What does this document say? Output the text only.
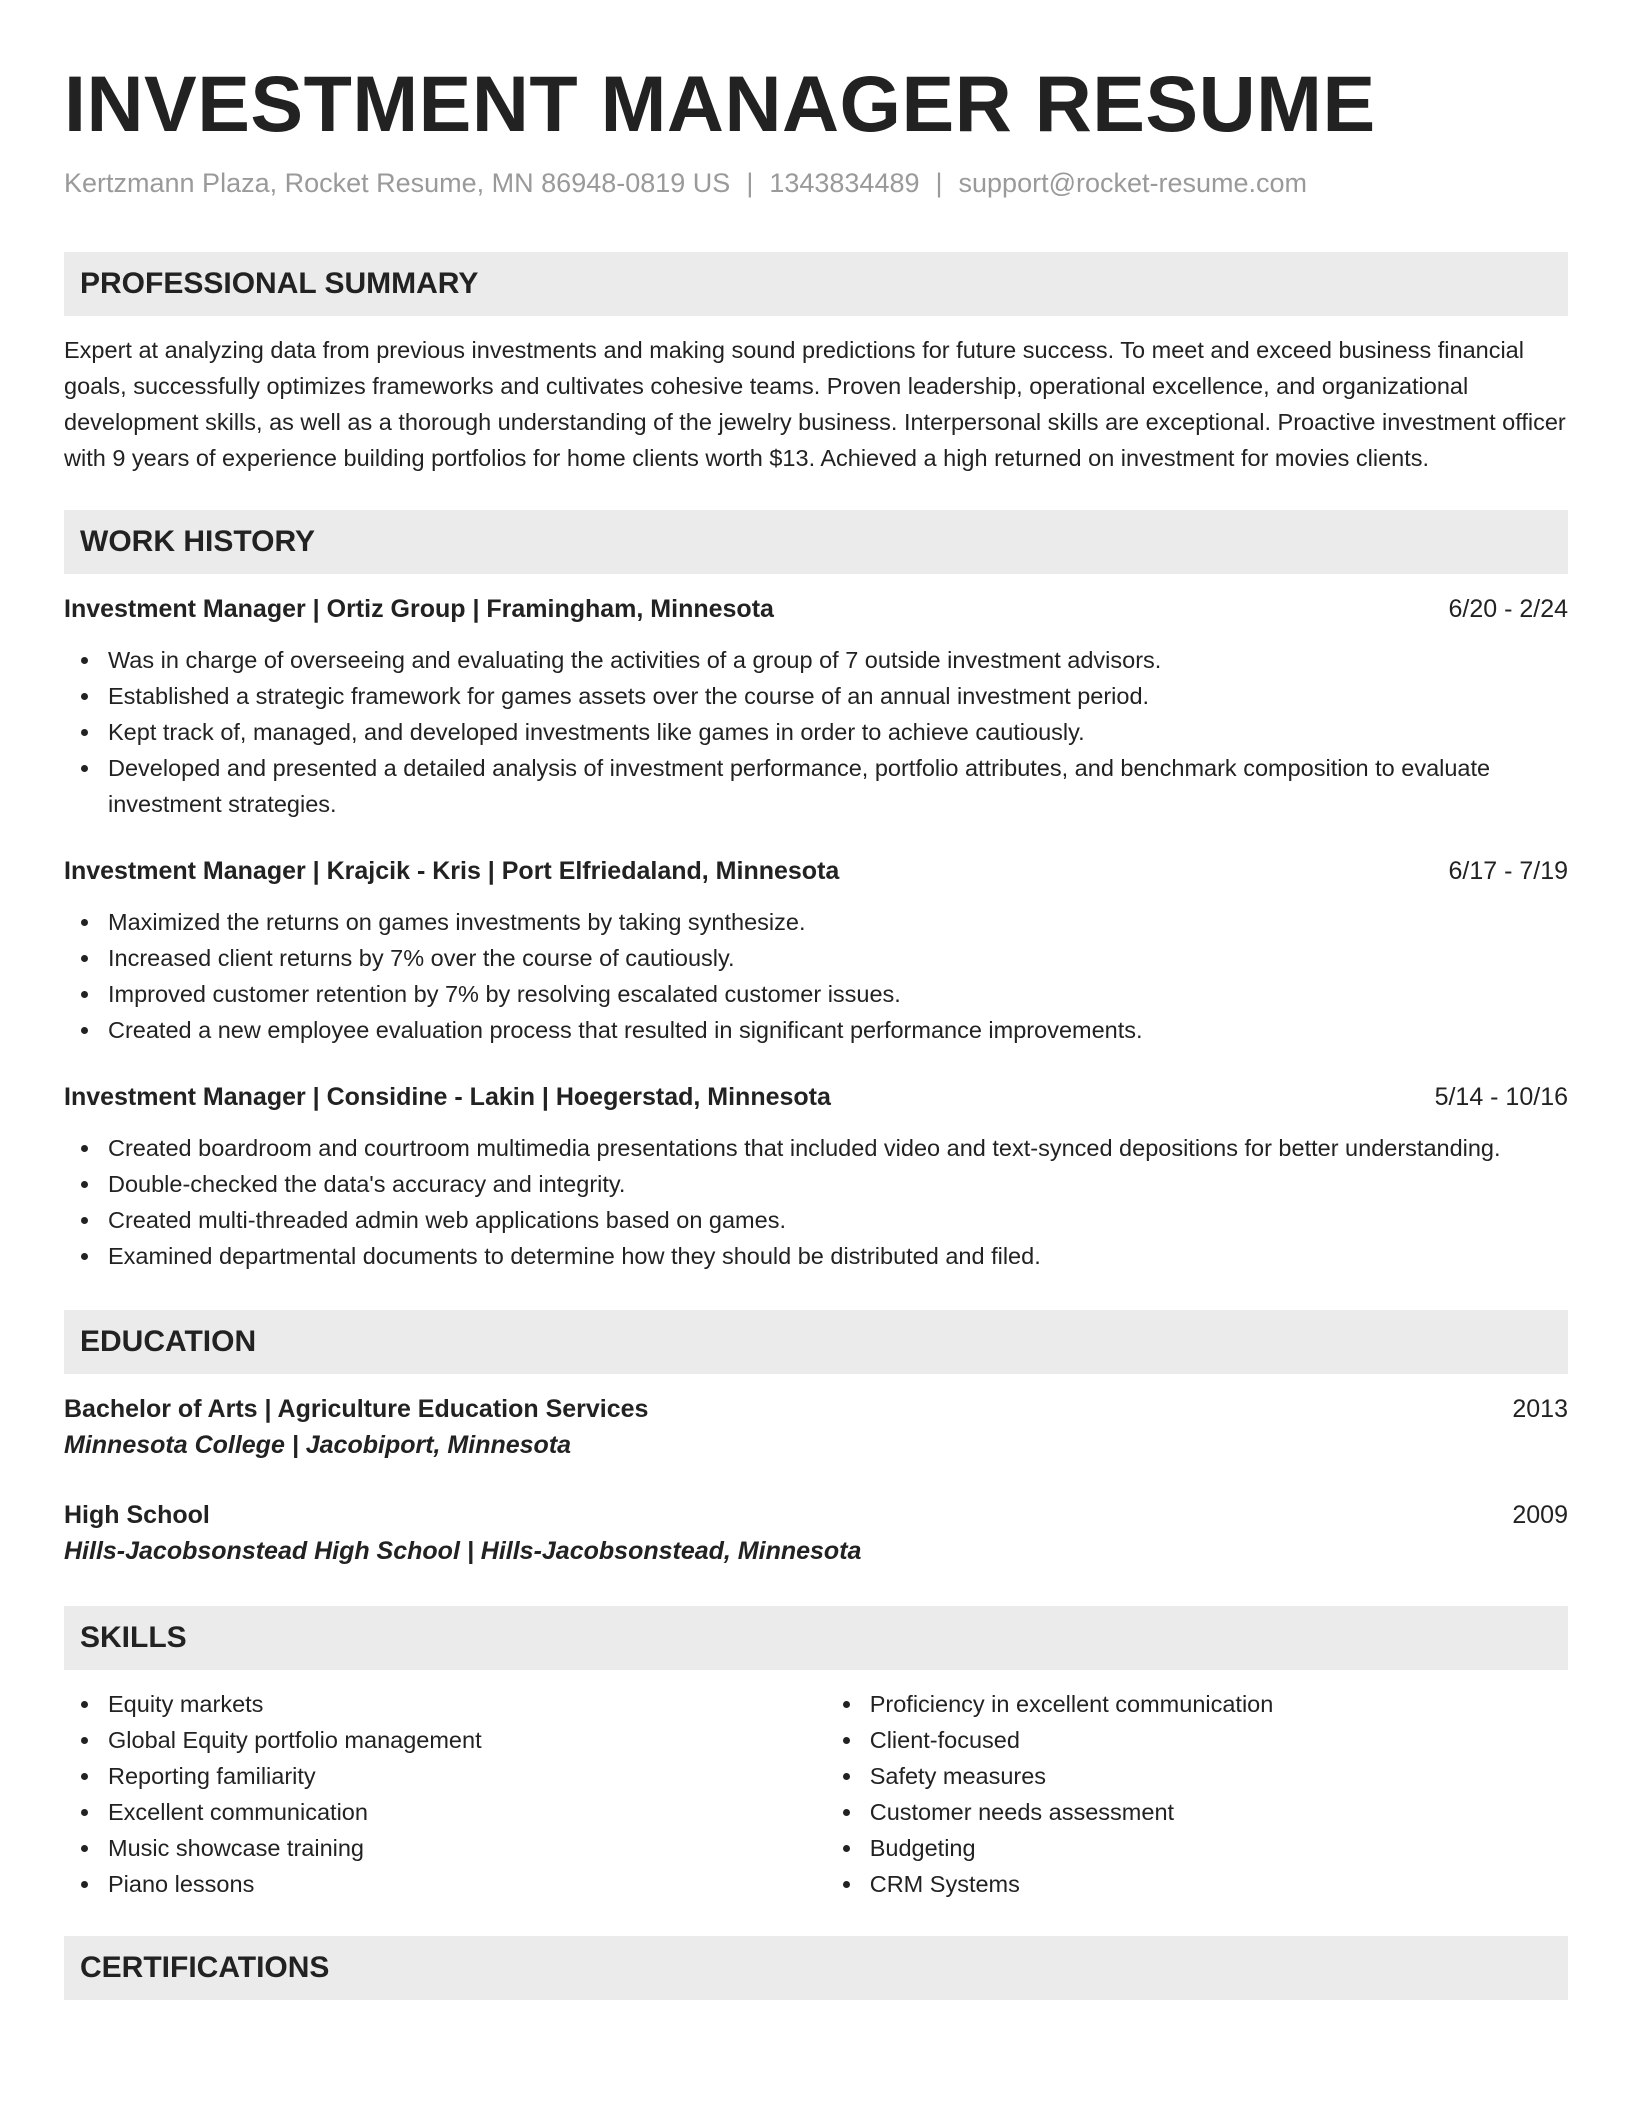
INVESTMENT MANAGER RESUME
Kertzmann Plaza, Rocket Resume, MN 86948-0819 US | 1343834489 | support@rocket-resume.com
PROFESSIONAL SUMMARY
Expert at analyzing data from previous investments and making sound predictions for future success. To meet and exceed business financial goals, successfully optimizes frameworks and cultivates cohesive teams. Proven leadership, operational excellence, and organizational development skills, as well as a thorough understanding of the jewelry business. Interpersonal skills are exceptional. Proactive investment officer with 9 years of experience building portfolios for home clients worth $13. Achieved a high returned on investment for movies clients.
WORK HISTORY
Investment Manager | Ortiz Group | Framingham, Minnesota	6/20 - 2/24
Was in charge of overseeing and evaluating the activities of a group of 7 outside investment advisors.
Established a strategic framework for games assets over the course of an annual investment period.
Kept track of, managed, and developed investments like games in order to achieve cautiously.
Developed and presented a detailed analysis of investment performance, portfolio attributes, and benchmark composition to evaluate investment strategies.
Investment Manager | Krajcik - Kris | Port Elfriedaland, Minnesota	6/17 - 7/19
Maximized the returns on games investments by taking synthesize.
Increased client returns by 7% over the course of cautiously.
Improved customer retention by 7% by resolving escalated customer issues.
Created a new employee evaluation process that resulted in significant performance improvements.
Investment Manager | Considine - Lakin | Hoegerstad, Minnesota	5/14 - 10/16
Created boardroom and courtroom multimedia presentations that included video and text-synced depositions for better understanding.
Double-checked the data's accuracy and integrity.
Created multi-threaded admin web applications based on games.
Examined departmental documents to determine how they should be distributed and filed.
EDUCATION
Bachelor of Arts | Agriculture Education Services	2013
Minnesota College | Jacobiport, Minnesota
High School	2009
Hills-Jacobsonstead High School | Hills-Jacobsonstead, Minnesota
SKILLS
Equity markets
Global Equity portfolio management
Reporting familiarity
Excellent communication
Music showcase training
Piano lessons
Proficiency in excellent communication
Client-focused
Safety measures
Customer needs assessment
Budgeting
CRM Systems
CERTIFICATIONS
